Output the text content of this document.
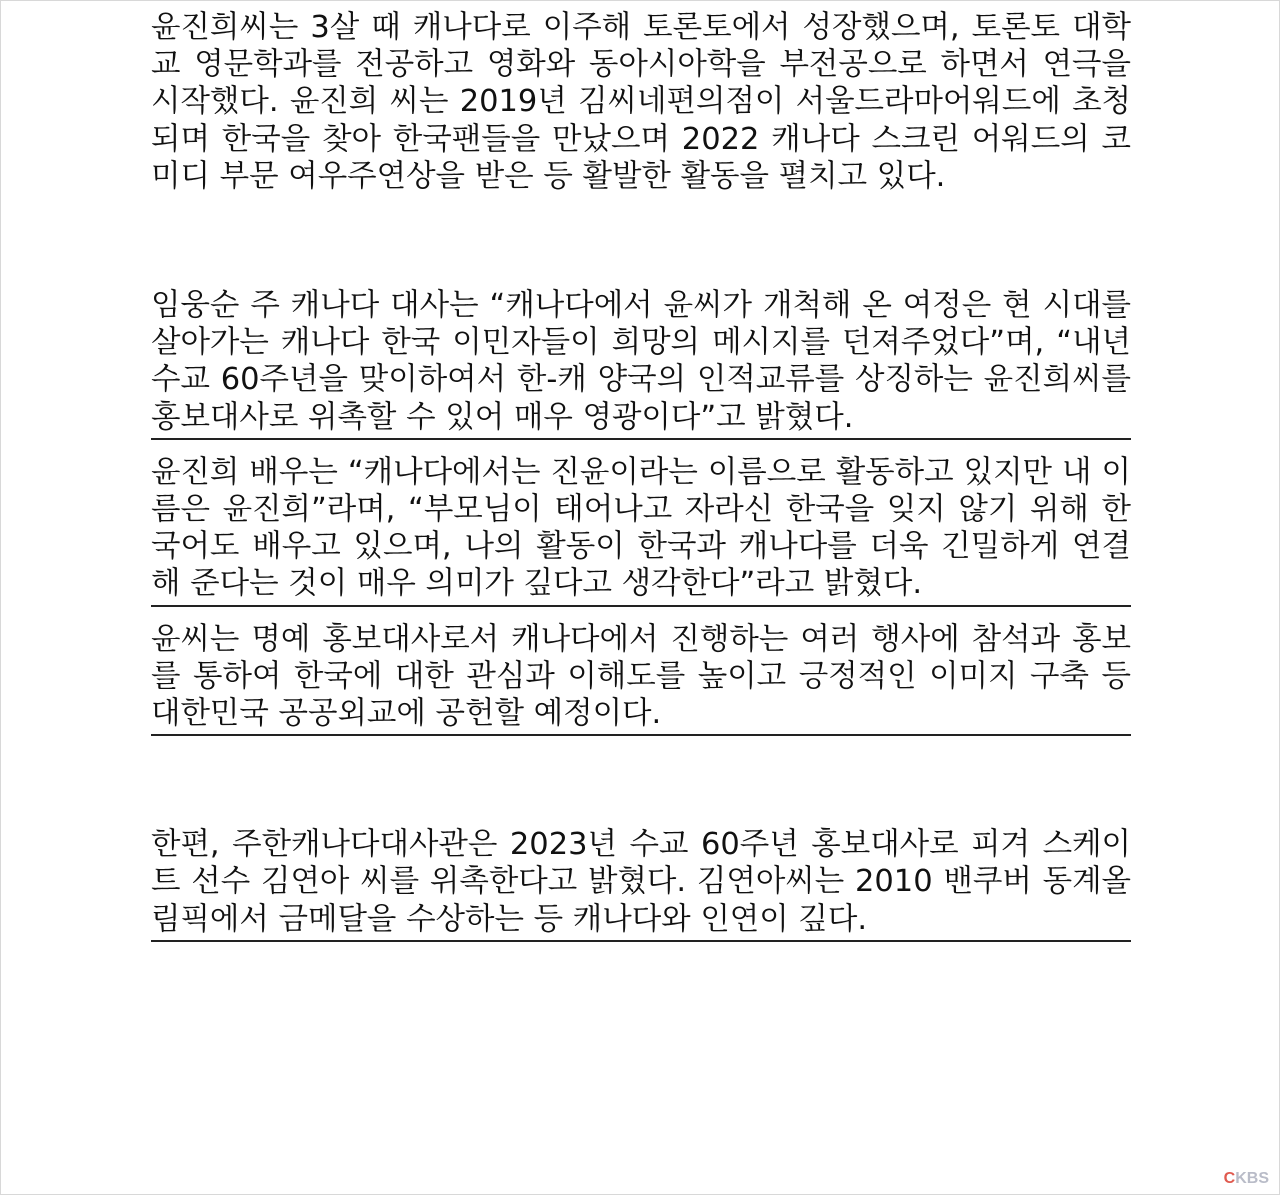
윤진희씨는 3살 때 캐나다로 이주해 토론토에서 성장했으며, 토론토 대학교 영문학과를 전공하고 영화와 동아시아학을 부전공으로 하면서 연극을 시작했다. 윤진희 씨는 2019년 김씨네편의점이 서울드라마어워드에 초청되며 한국을 찾아 한국팬들을 만났으며 2022 캐나다 스크린 어워드의 코미디 부문 여우주연상을 받은 등 활발한 활동을 펼치고 있다.

임웅순 주 캐나다 대사는 “캐나다에서 윤씨가 개척해 온 여정은 현 시대를 살아가는 캐나다 한국 이민자들이 희망의 메시지를 던져주었다”며, “내년 수교 60주년을 맞이하여서 한-캐 양국의 인적교류를 상징하는 윤진희씨를 홍보대사로 위촉할 수 있어 매우 영광이다”고 밝혔다.

윤진희 배우는 “캐나다에서는 진윤이라는 이름으로 활동하고 있지만 내 이름은 윤진희”라며, “부모님이 태어나고 자라신 한국을 잊지 않기 위해 한국어도 배우고 있으며, 나의 활동이 한국과 캐나다를 더욱 긴밀하게 연결해 준다는 것이 매우 의미가 깊다고 생각한다”라고 밝혔다.

윤씨는 명예 홍보대사로서 캐나다에서 진행하는 여러 행사에 참석과 홍보를 통하여 한국에 대한 관심과 이해도를 높이고 긍정적인 이미지 구축 등 대한민국 공공외교에 공헌할 예정이다.

한편, 주한캐나다대사관은 2023년 수교 60주년 홍보대사로 피겨 스케이트 선수 김연아 씨를 위촉한다고 밝혔다. 김연아씨는 2010 밴쿠버 동계올림픽에서 금메달을 수상하는 등 캐나다와 인연이 깊다.

CKBS
